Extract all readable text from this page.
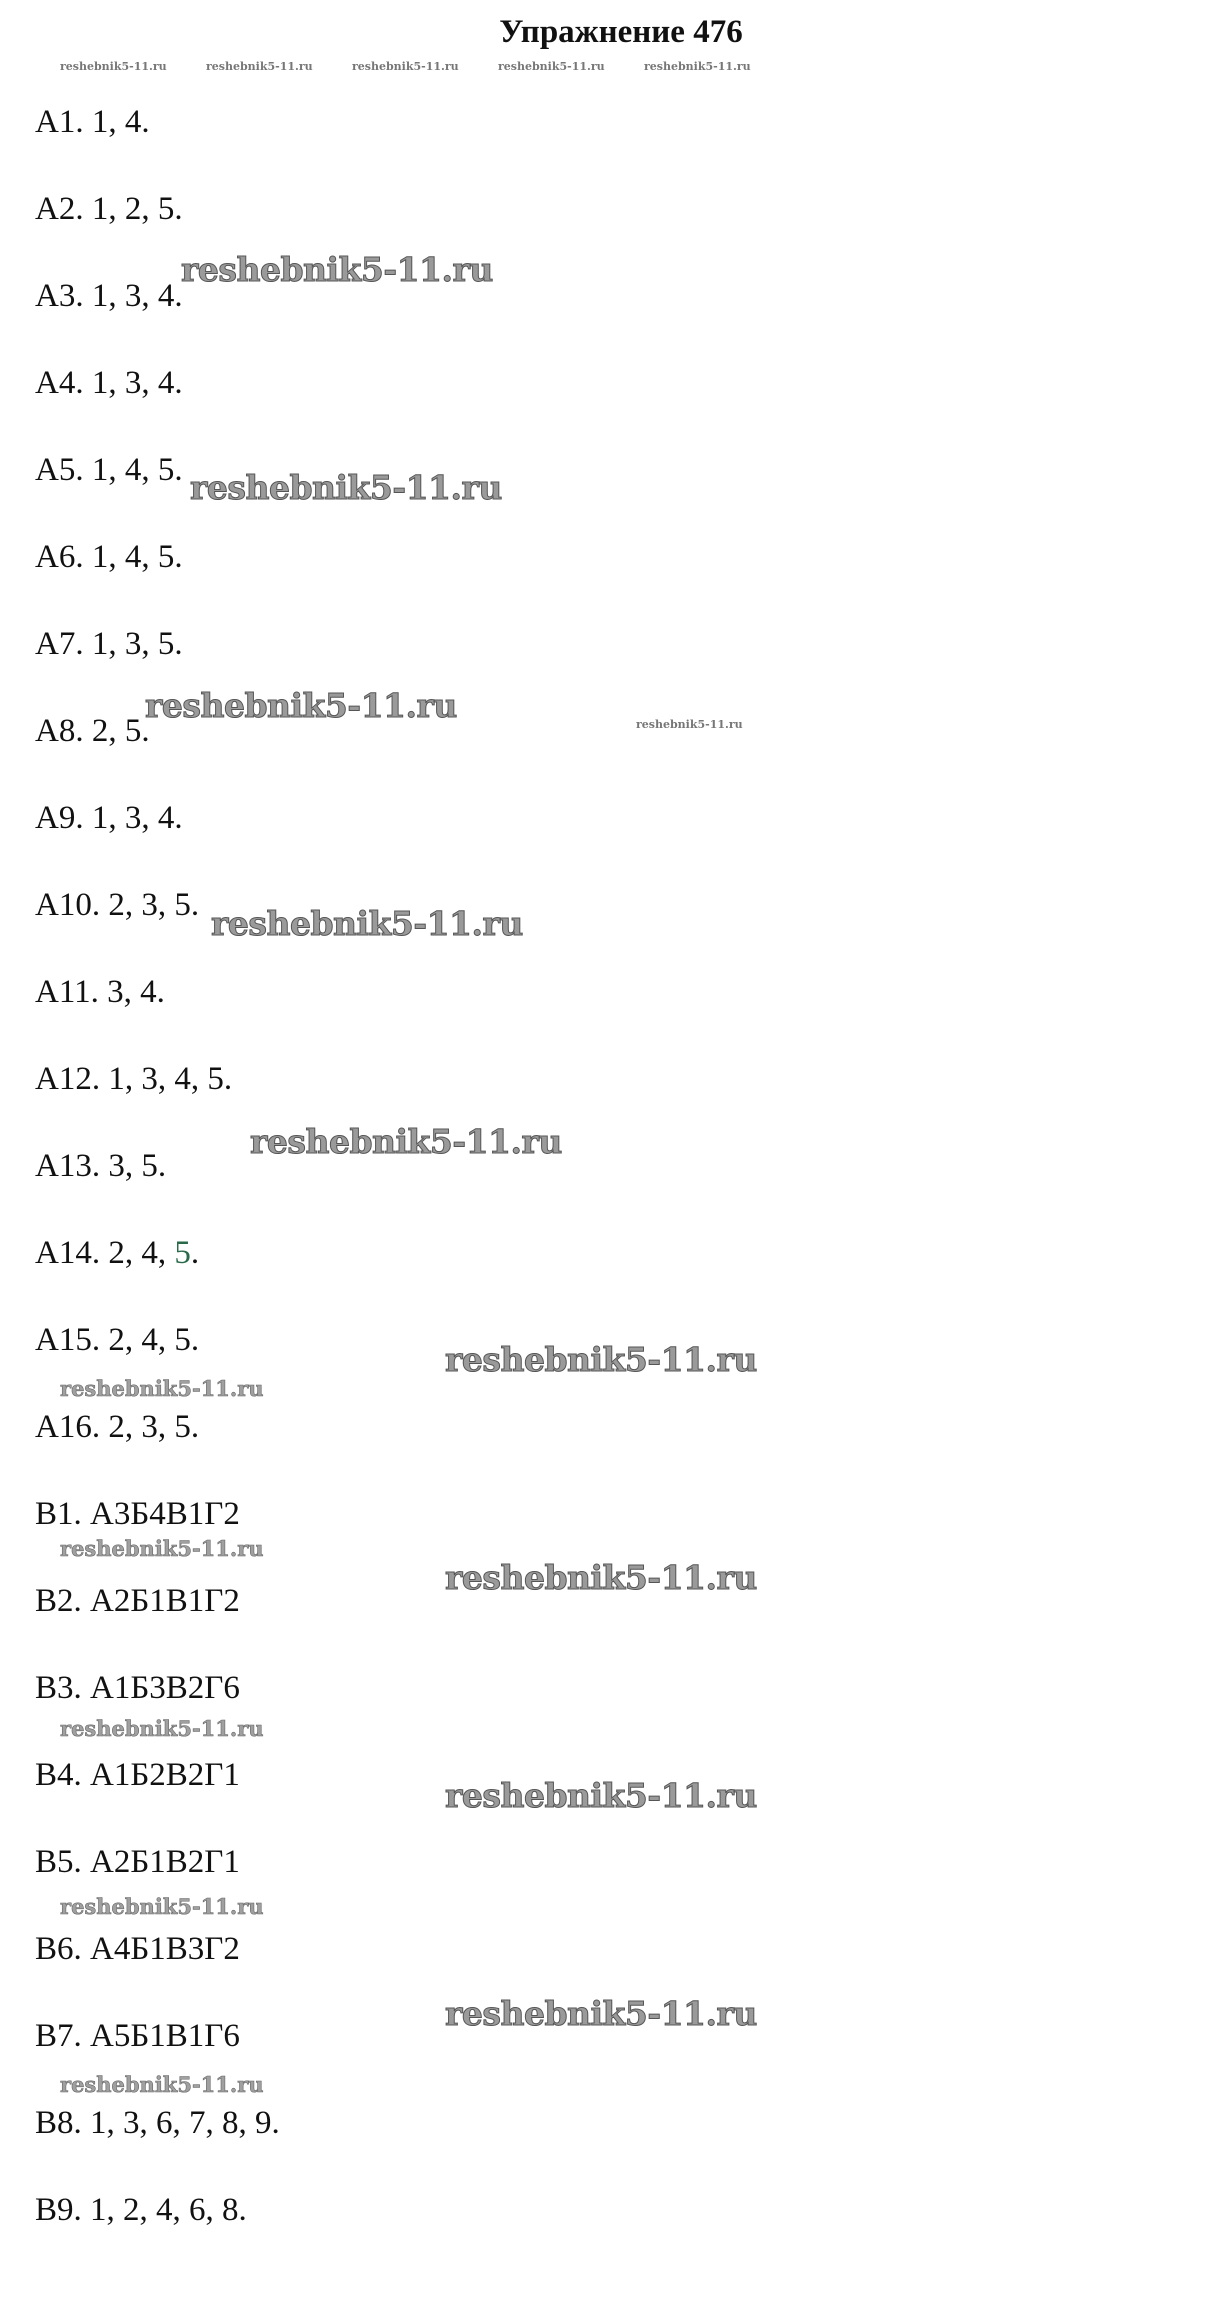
Упражнение 476
reshebnik5-11.ru	reshebnik5-11.ru	reshebnik5-11.ru	reshebnik5-11.ru	reshebnik5-11.ru
reshebnik5-11.ru
А1. 1, 4.
А2. 1, 2, 5.
А3. 1, 3, 4.
А4. 1, 3, 4.
А5. 1, 4, 5.
А6. 1, 4, 5.
А7. 1, 3, 5.
А8. 2, 5.
А9. 1, 3, 4.
А10. 2, 3, 5.
А11. 3, 4.
А12. 1, 3, 4, 5.
А13. 3, 5.
А14. 2, 4, 5.
А15. 2, 4, 5.
А16. 2, 3, 5.
В1. А3Б4В1Г2
В2. А2Б1В1Г2
В3. А1Б3В2Г6
В4. А1Б2В2Г1
В5. А2Б1В2Г1
В6. А4Б1В3Г2
В7. А5Б1В1Г6
В8. 1, 3, 6, 7, 8, 9.
В9. 1, 2, 4, 6, 8.
reshebnik5-11.ru
reshebnik5-11.ru
reshebnik5-11.ru
reshebnik5-11.ru
reshebnik5-11.ru
reshebnik5-11.ru
reshebnik5-11.ru
reshebnik5-11.ru
reshebnik5-11.ru
reshebnik5-11.ru
reshebnik5-11.ru
reshebnik5-11.ru
reshebnik5-11.ru
reshebnik5-11.ru
